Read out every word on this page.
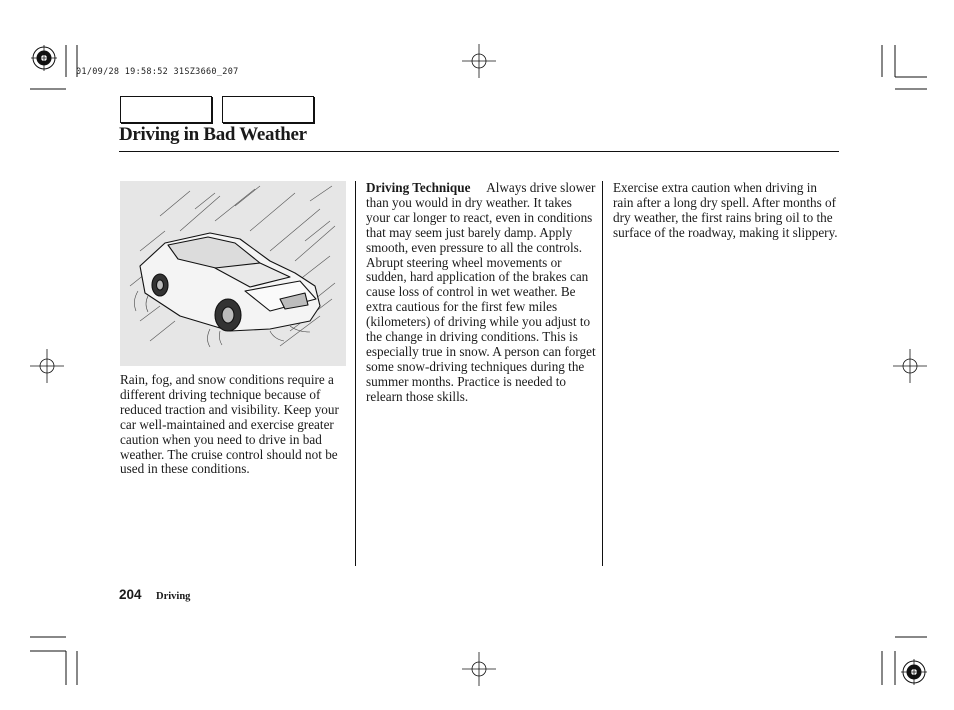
01/09/28 19:58:52 31SZ3660_207
Driving in Bad Weather

Rain, fog, and snow conditions require a different driving technique because of reduced traction and visibility. Keep your car well-maintained and exercise greater caution when you need to drive in bad weather. The cruise control should not be used in these conditions.

Driving Technique Always drive slower than you would in dry weather. It takes your car longer to react, even in conditions that may seem just barely damp. Apply smooth, even pressure to all the controls. Abrupt steering wheel movements or sudden, hard application of the brakes can cause loss of control in wet weather. Be extra cautious for the first few miles (kilometers) of driving while you adjust to the change in driving conditions. This is especially true in snow. A person can forget some snow-driving techniques during the summer months. Practice is needed to relearn those skills.

Exercise extra caution when driving in rain after a long dry spell. After months of dry weather, the first rains bring oil to the surface of the roadway, making it slippery.

204 Driving
